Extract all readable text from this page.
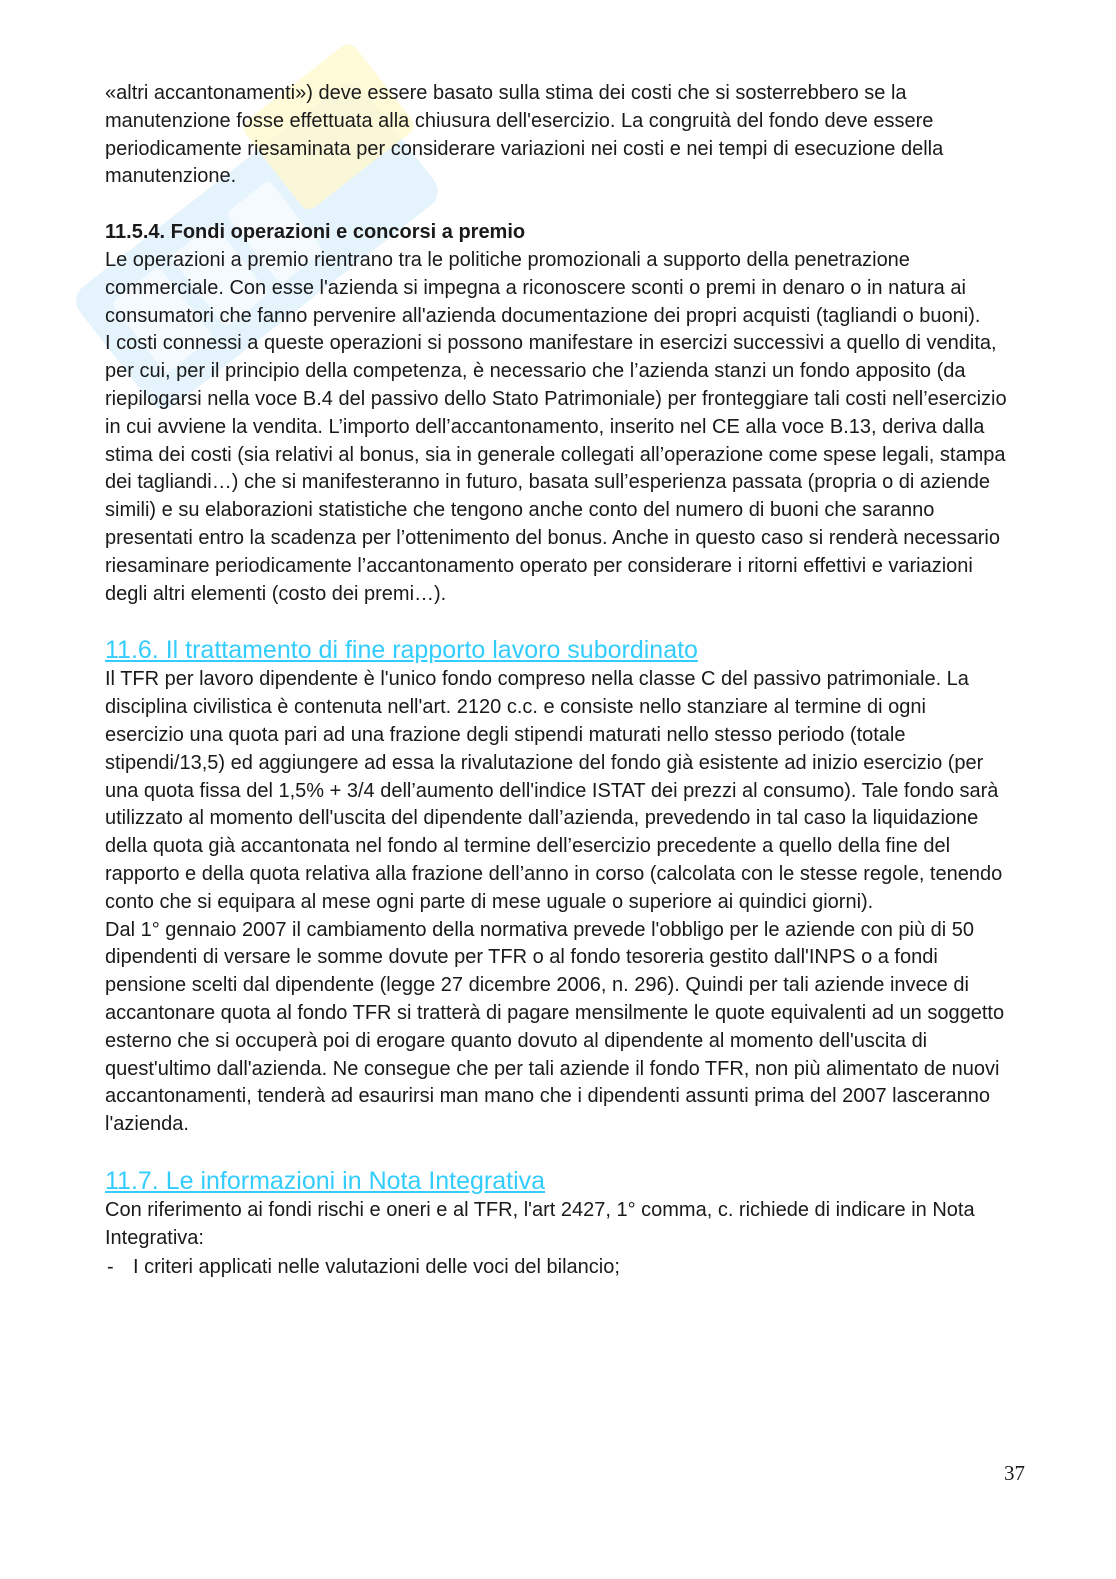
«altri accantonamenti») deve essere basato sulla stima dei costi che si sosterrebbero se la manutenzione fosse effettuata alla chiusura dell'esercizio. La congruità del fondo deve essere periodicamente riesaminata per considerare variazioni nei costi e nei tempi di esecuzione della manutenzione.

11.5.4. Fondi operazioni e concorsi a premio

Le operazioni a premio rientrano tra le politiche promozionali a supporto della penetrazione commerciale. Con esse l'azienda si impegna a riconoscere sconti o premi in denaro o in natura ai consumatori che fanno pervenire all'azienda documentazione dei propri acquisti (tagliandi o buoni).

I costi connessi a queste operazioni si possono manifestare in esercizi successivi a quello di vendita, per cui, per il principio della competenza, è necessario che l’azienda stanzi un fondo apposito (da riepilogarsi nella voce B.4 del passivo dello Stato Patrimoniale) per fronteggiare tali costi nell’esercizio in cui avviene la vendita. L’importo dell’accantonamento, inserito nel CE alla voce B.13, deriva dalla stima dei costi (sia relativi al bonus, sia in generale collegati all’operazione come spese legali, stampa dei tagliandi…) che si manifesteranno in futuro, basata sull’esperienza passata (propria o di aziende simili) e su elaborazioni statistiche che tengono anche conto del numero di buoni che saranno presentati entro la scadenza per l’ottenimento del bonus. Anche in questo caso si renderà necessario riesaminare periodicamente l’accantonamento operato per considerare i ritorni effettivi e variazioni degli altri elementi (costo dei premi…).

11.6. Il trattamento di fine rapporto lavoro subordinato

Il TFR per lavoro dipendente è l'unico fondo compreso nella classe C del passivo patrimoniale. La disciplina civilistica è contenuta nell'art. 2120 c.c. e consiste nello stanziare al termine di ogni esercizio una quota pari ad una frazione degli stipendi maturati nello stesso periodo (totale stipendi/13,5) ed aggiungere ad essa la rivalutazione del fondo già esistente ad inizio esercizio (per una quota fissa del 1,5% + 3/4 dell’aumento dell'indice ISTAT dei prezzi al consumo). Tale fondo sarà utilizzato al momento dell'uscita del dipendente dall’azienda, prevedendo in tal caso la liquidazione della quota già accantonata nel fondo al termine dell’esercizio precedente a quello della fine del rapporto e della quota relativa alla frazione dell’anno in corso (calcolata con le stesse regole, tenendo conto che si equipara al mese ogni parte di mese uguale o superiore ai quindici giorni).

Dal 1° gennaio 2007 il cambiamento della normativa prevede l'obbligo per le aziende con più di 50 dipendenti di versare le somme dovute per TFR o al fondo tesoreria gestito dall'INPS o a fondi pensione scelti dal dipendente (legge 27 dicembre 2006, n. 296). Quindi per tali aziende invece di accantonare quota al fondo TFR si tratterà di pagare mensilmente le quote equivalenti ad un soggetto esterno che si occuperà poi di erogare quanto dovuto al dipendente al momento dell'uscita di quest'ultimo dall'azienda. Ne consegue che per tali aziende il fondo TFR, non più alimentato de nuovi accantonamenti, tenderà ad esaurirsi man mano che i dipendenti assunti prima del 2007 lasceranno l'azienda.

11.7. Le informazioni in Nota Integrativa

Con riferimento ai fondi rischi e oneri e al TFR, l'art 2427, 1° comma, c. richiede di indicare in Nota Integrativa:

- I criteri applicati nelle valutazioni delle voci del bilancio;
37
